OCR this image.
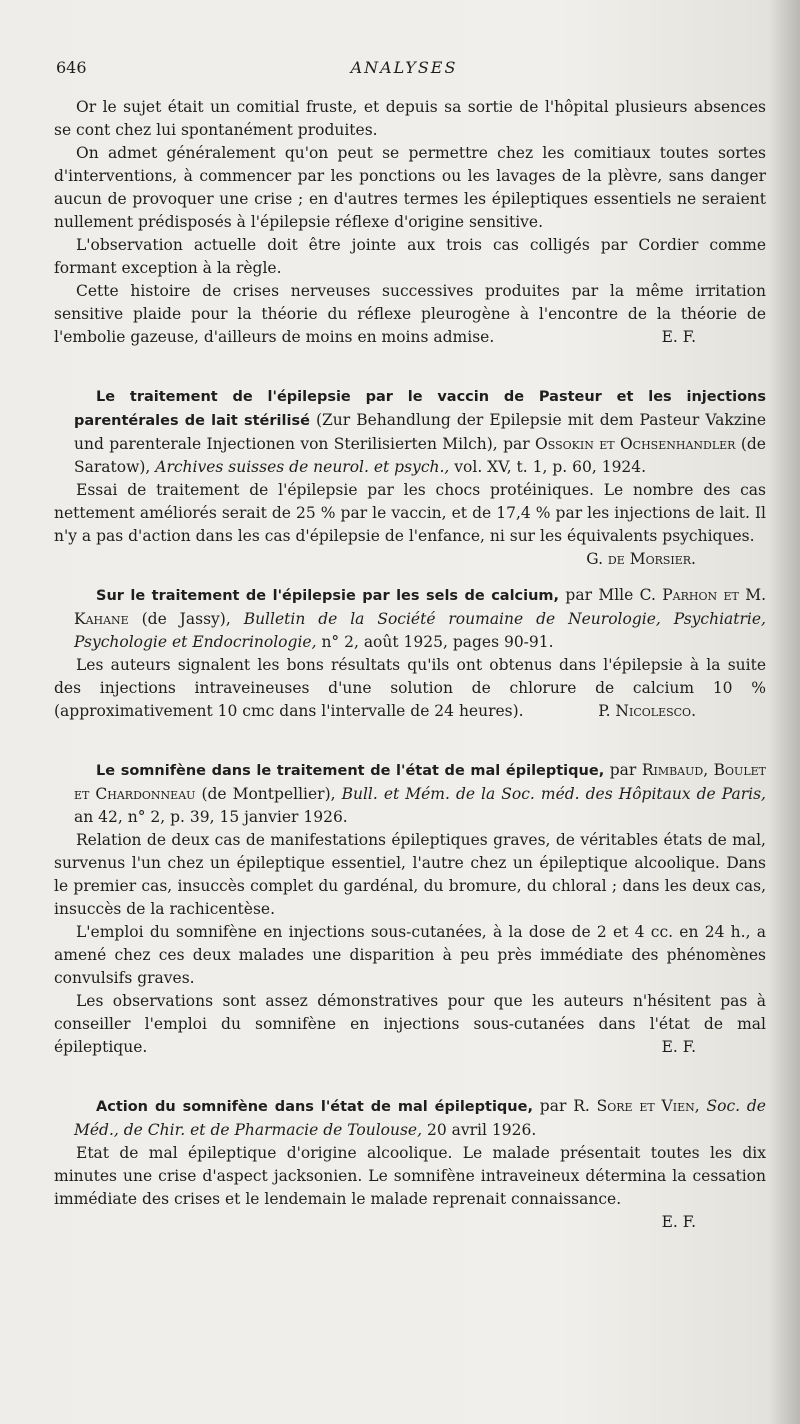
646	ANALYSES

Or le sujet était un comitial fruste, et depuis sa sortie de l'hôpital plusieurs absences se cont chez lui spontanément produites.

On admet généralement qu'on peut se permettre chez les comitiaux toutes sortes d'interventions, à commencer par les ponctions ou les lavages de la plèvre, sans danger aucun de provoquer une crise ; en d'autres termes les épileptiques essentiels ne seraient nullement prédisposés à l'épilepsie réflexe d'origine sensitive.

L'observation actuelle doit être jointe aux trois cas colligés par Cordier comme formant exception à la règle.

Cette histoire de crises nerveuses successives produites par la même irritation sensitive plaide pour la théorie du réflexe pleurogène à l'encontre de la théorie de l'embolie gazeuse, d'ailleurs de moins en moins admise.	E. F.

Le traitement de l'épilepsie par le vaccin de Pasteur et les injections parentérales de lait stérilisé (Zur Behandlung der Epilepsie mit dem Pasteur Vakzine und parenterale Injectionen von Sterilisierten Milch), par Ossokin et Ochsenhandler (de Saratow), Archives suisses de neurol. et psych., vol. XV, t. 1, p. 60, 1924.

Essai de traitement de l'épilepsie par les chocs protéiniques. Le nombre des cas nettement améliorés serait de 25 % par le vaccin, et de 17,4 % par les injections de lait. Il n'y a pas d'action dans les cas d'épilepsie de l'enfance, ni sur les équivalents psychiques.
G. de Morsier.

Sur le traitement de l'épilepsie par les sels de calcium, par Mlle C. Parhon et M. Kahane (de Jassy), Bulletin de la Société roumaine de Neurologie, Psychiatrie, Psychologie et Endocrinologie, n° 2, août 1925, pages 90-91.

Les auteurs signalent les bons résultats qu'ils ont obtenus dans l'épilepsie à la suite des injections intraveineuses d'une solution de chlorure de calcium 10 % (approximativement 10 cmc dans l'intervalle de 24 heures).	P. Nicolesco.

Le somnifène dans le traitement de l'état de mal épileptique, par Rimbaud, Boulet et Chardonneau (de Montpellier), Bull. et Mém. de la Soc. méd. des Hôpitaux de Paris, an 42, n° 2, p. 39, 15 janvier 1926.

Relation de deux cas de manifestations épileptiques graves, de véritables états de mal, survenus l'un chez un épileptique essentiel, l'autre chez un épileptique alcoolique. Dans le premier cas, insuccès complet du gardénal, du bromure, du chloral ; dans les deux cas, insuccès de la rachicentèse.

L'emploi du somnifène en injections sous-cutanées, à la dose de 2 et 4 cc. en 24 h., a amené chez ces deux malades une disparition à peu près immédiate des phénomènes convulsifs graves.

Les observations sont assez démonstratives pour que les auteurs n'hésitent pas à conseiller l'emploi du somnifène en injections sous-cutanées dans l'état de mal épileptique.	E. F.

Action du somnifène dans l'état de mal épileptique, par R. Sore et Vien, Soc. de Méd., de Chir. et de Pharmacie de Toulouse, 20 avril 1926.

Etat de mal épileptique d'origine alcoolique. Le malade présentait toutes les dix minutes une crise d'aspect jacksonien. Le somnifène intraveineux détermina la cessation immédiate des crises et le lendemain le malade reprenait connaissance.

E. F.
